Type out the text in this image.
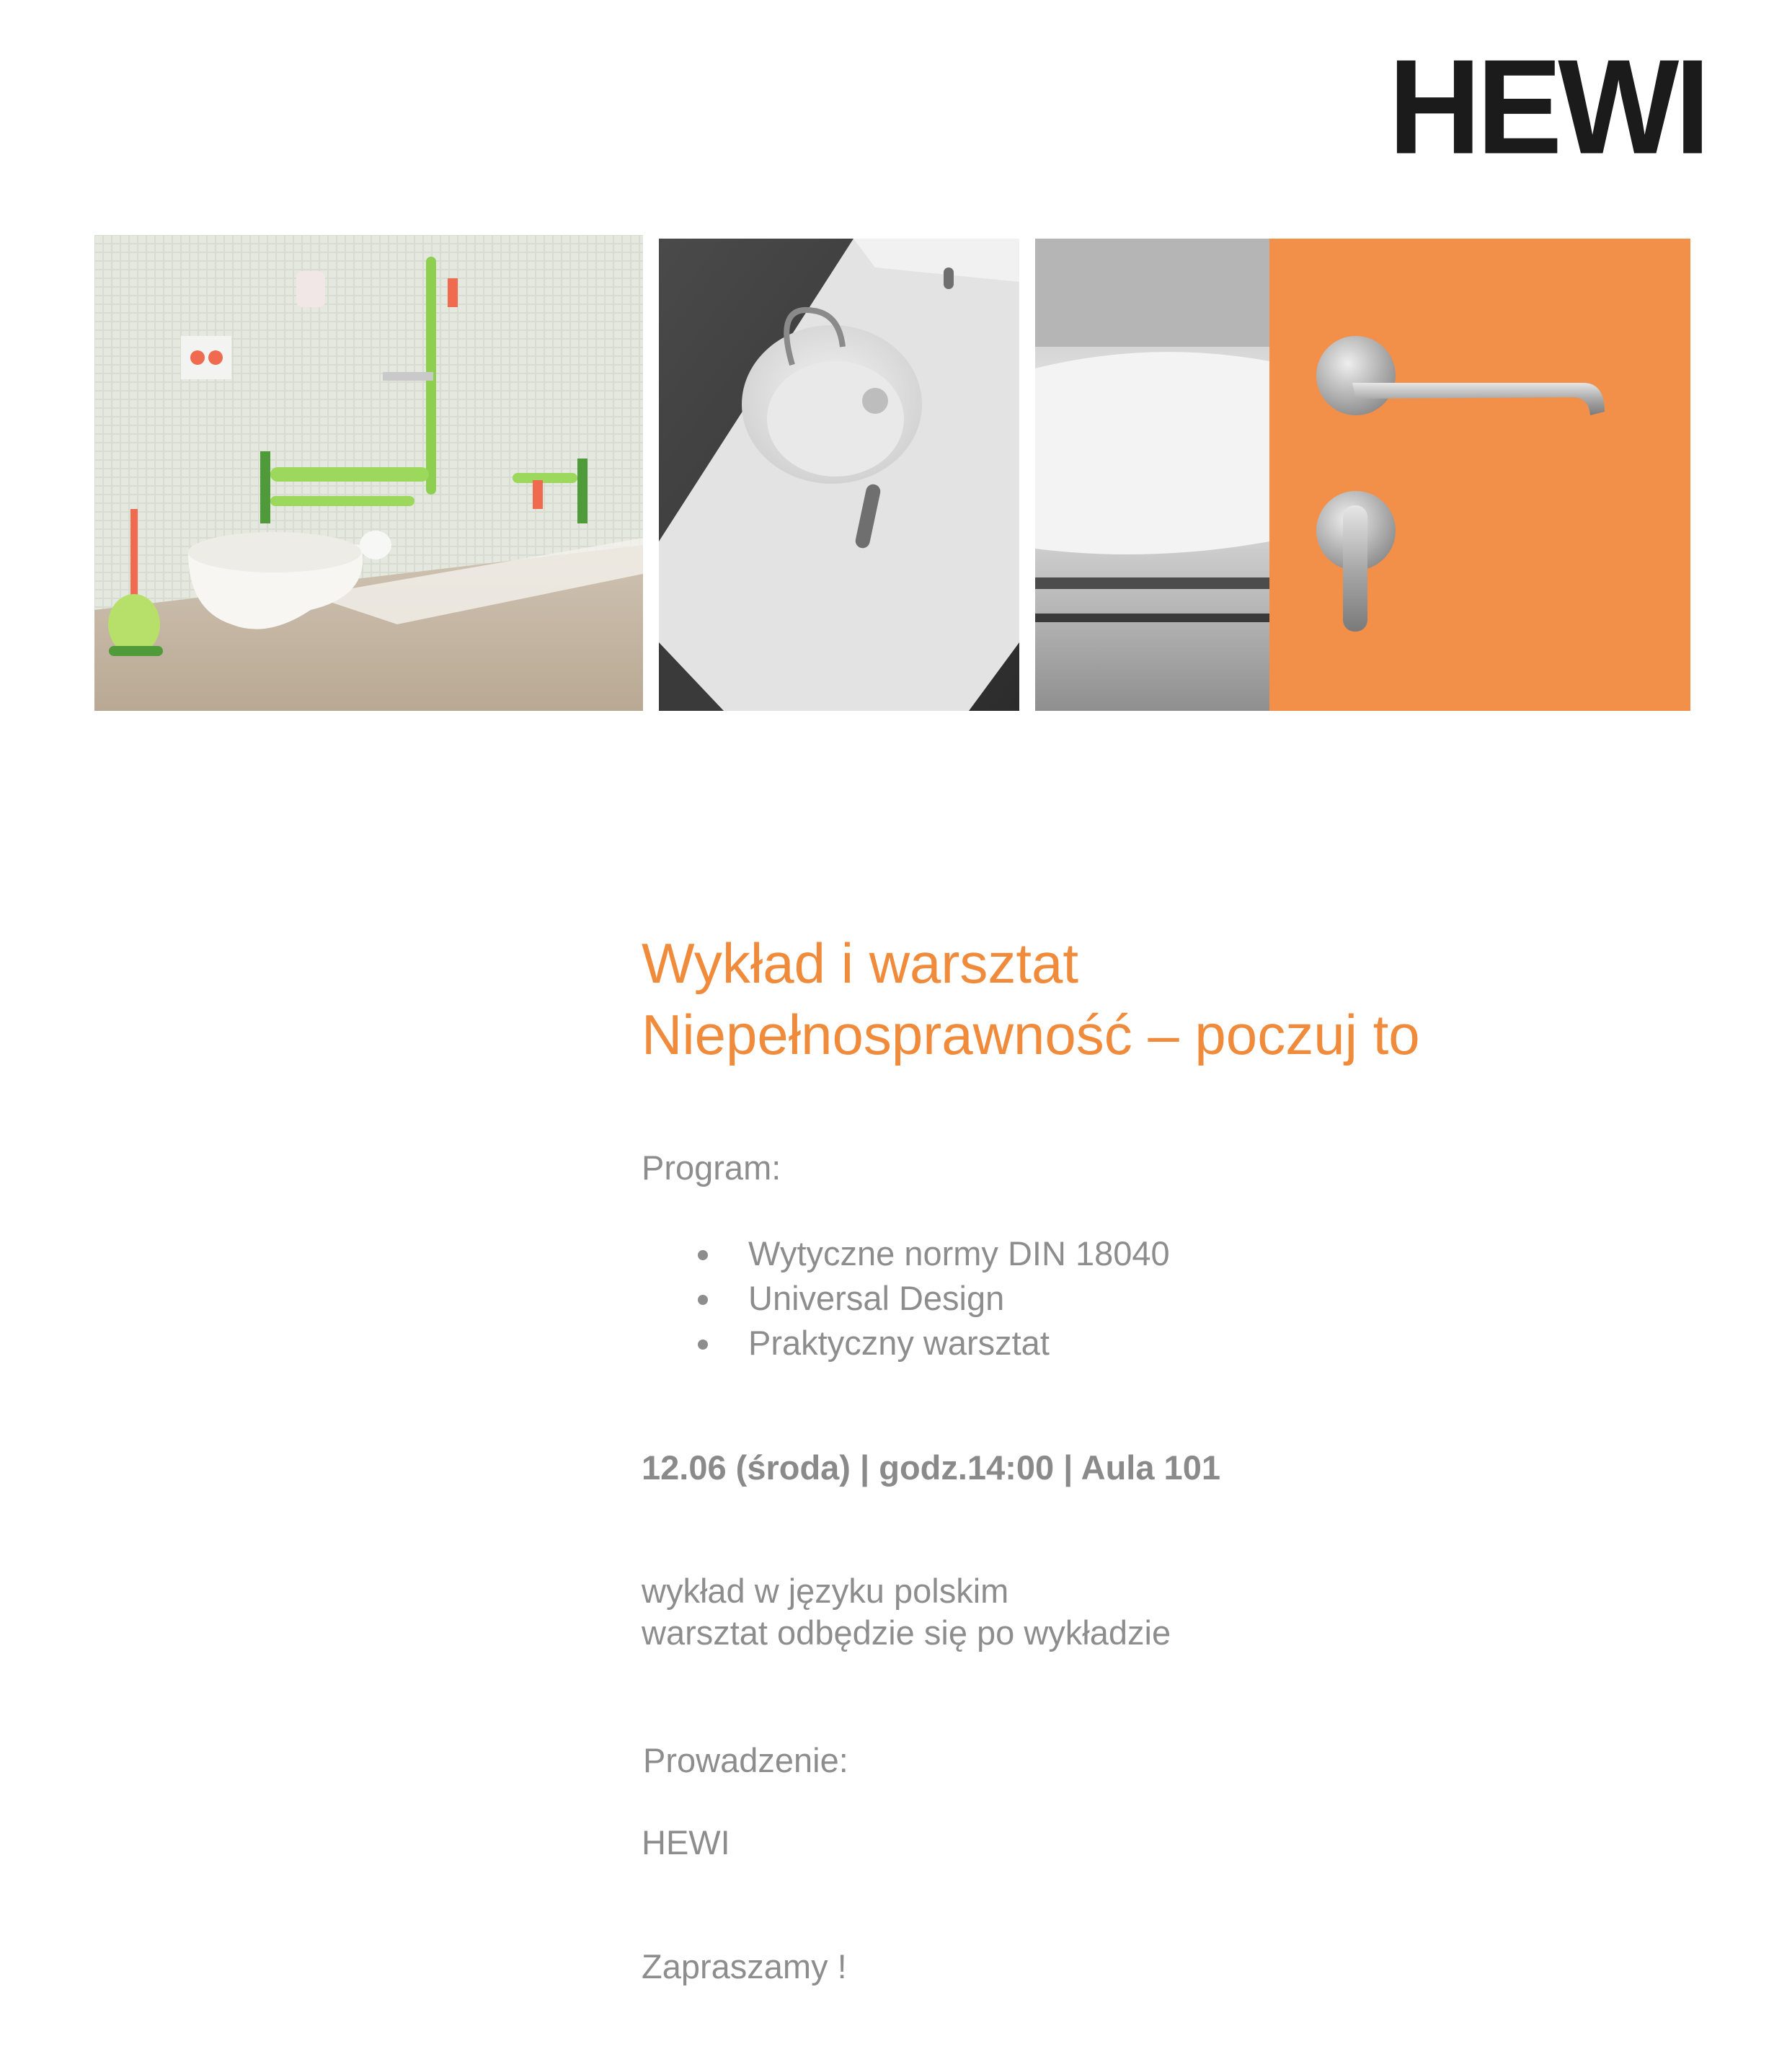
HEWI
Wykład i warsztat
Niepełnosprawność – poczuj to
Program:
Wytyczne normy DIN 18040
Universal Design
Praktyczny warsztat
12.06 (środa) | godz.14:00 | Aula 101
wykład w języku polskim
warsztat odbędzie się po wykładzie
Prowadzenie:
HEWI
Zapraszamy !
